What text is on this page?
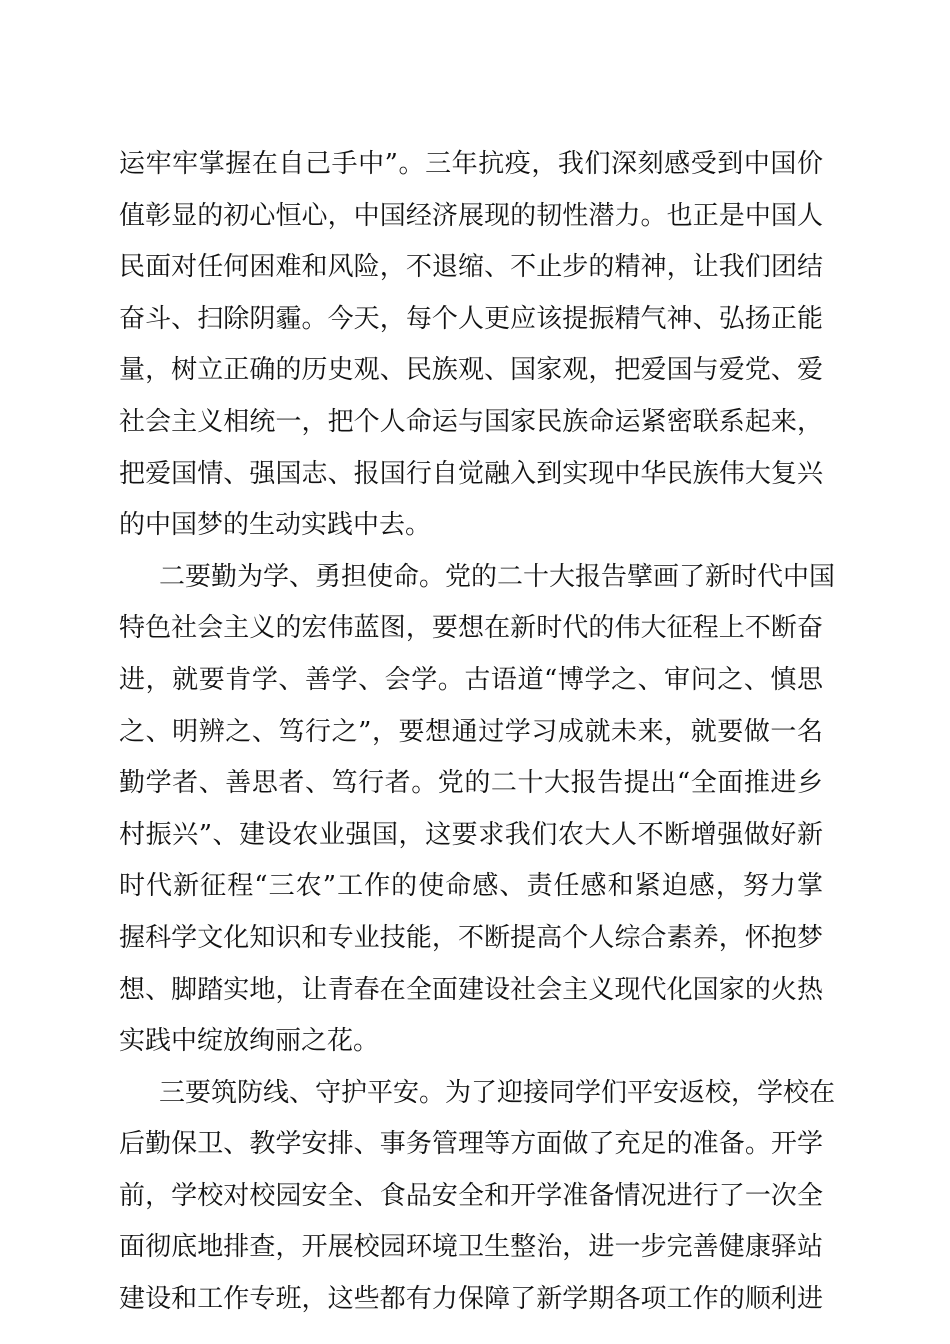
运牢牢掌握在自己手中”。三年抗疫，我们深刻感受到中国价
值彰显的初心恒心，中国经济展现的韧性潜力。也正是中国人
民面对任何困难和风险，不退缩、不止步的精神，让我们团结
奋斗、扫除阴霾。今天，每个人更应该提振精气神、弘扬正能
量，树立正确的历史观、民族观、国家观，把爱国与爱党、爱
社会主义相统一，把个人命运与国家民族命运紧密联系起来，
把爱国情、强国志、报国行自觉融入到实现中华民族伟大复兴
的中国梦的生动实践中去。
二要勤为学、勇担使命。党的二十大报告擘画了新时代中国
特色社会主义的宏伟蓝图，要想在新时代的伟大征程上不断奋
进，就要肯学、善学、会学。古语道“博学之、审问之、慎思
之、明辨之、笃行之”，要想通过学习成就未来，就要做一名
勤学者、善思者、笃行者。党的二十大报告提出“全面推进乡
村振兴”、建设农业强国，这要求我们农大人不断增强做好新
时代新征程“三农”工作的使命感、责任感和紧迫感，努力掌
握科学文化知识和专业技能，不断提高个人综合素养，怀抱梦
想、脚踏实地，让青春在全面建设社会主义现代化国家的火热
实践中绽放绚丽之花。
三要筑防线、守护平安。为了迎接同学们平安返校，学校在
后勤保卫、教学安排、事务管理等方面做了充足的准备。开学
前，学校对校园安全、食品安全和开学准备情况进行了一次全
面彻底地排查，开展校园环境卫生整治，进一步完善健康驿站
建设和工作专班，这些都有力保障了新学期各项工作的顺利进
